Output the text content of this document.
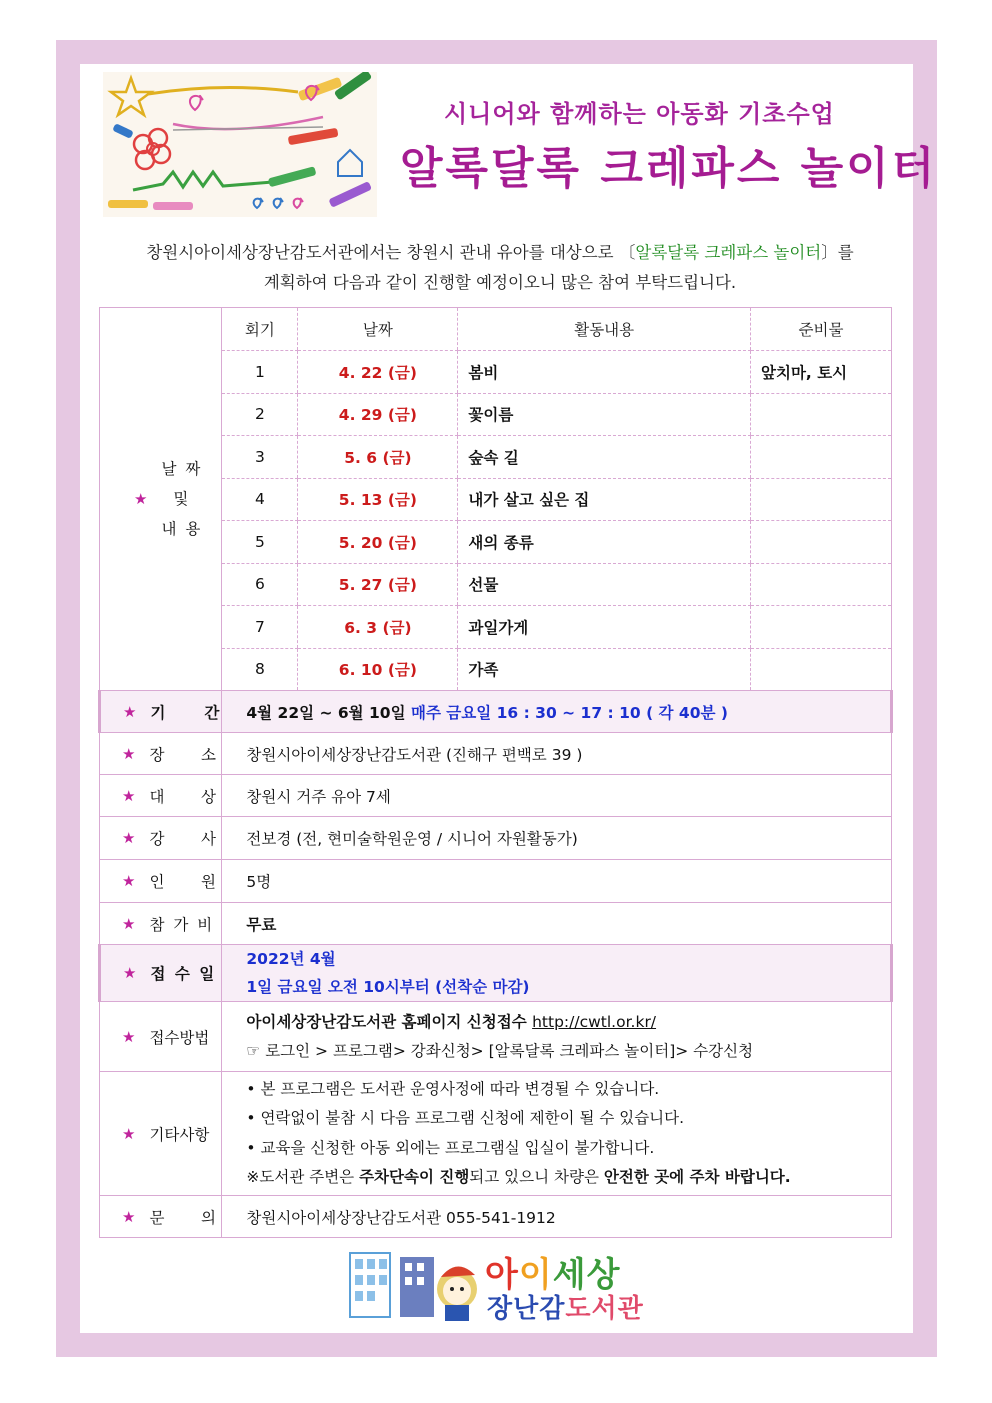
시니어와 함께하는 아동화 기초수업
알록달록 크레파스 놀이터
창원시아이세상장난감도서관에서는 창원시 관내 유아를 대상으로 〔알록달록 크레파스 놀이터〕를
계획하여 다음과 같이 진행할 예정이오니 많은 참여 부탁드립니다.
★
날 짜
및
내 용

회기	날짜	활동내용	준비물
1	4. 22 (금)	봄비	앞치마, 토시
2	4. 29 (금)	꽃이름	
3	5. 6 (금)	숲속 길	
4	5. 13 (금)	내가 살고 싶은 집	
5	5. 20 (금)	새의 종류	
6	5. 27 (금)	선물	
7	6. 3 (금)	과일가게	
8	6. 10 (금)	가족	

★ 기     간	4월 22일 ~ 6월 10일 매주 금요일 16 : 30 ~ 17 : 10 ( 각 40분 )

★ 장     소	창원시아이세상장난감도서관 (진해구 편백로 39 )

★ 대     상	창원시 거주 유아 7세

★ 강     사	전보경 (전, 현미술학원운영 / 시니어 자원활동가)

★ 인     원	5명

★ 참 가 비	무료

★ 접 수 일

2022년 4월
1일 금요일 오전 10시부터 (선착순 마감)

★ 접수방법

아이세상장난감도서관 홈페이지 신청접수 http://cwtl.or.kr/
☞ 로그인 > 프로그램> 강좌신청> [알록달록 크레파스 놀이터]> 수강신청

★ 기타사항

• 본 프로그램은 도서관 운영사정에 따라 변경될 수 있습니다.
• 연락없이 불참 시 다음 프로그램 신청에 제한이 될 수 있습니다.
• 교육을 신청한 아동 외에는 프로그램실 입실이 불가합니다.
※도서관 주변은 주차단속이 진행되고 있으니 차량은 안전한 곳에 주차 바랍니다.

★ 문     의	창원시아이세상장난감도서관 055-541-1912
아이세상
장난감도서관
